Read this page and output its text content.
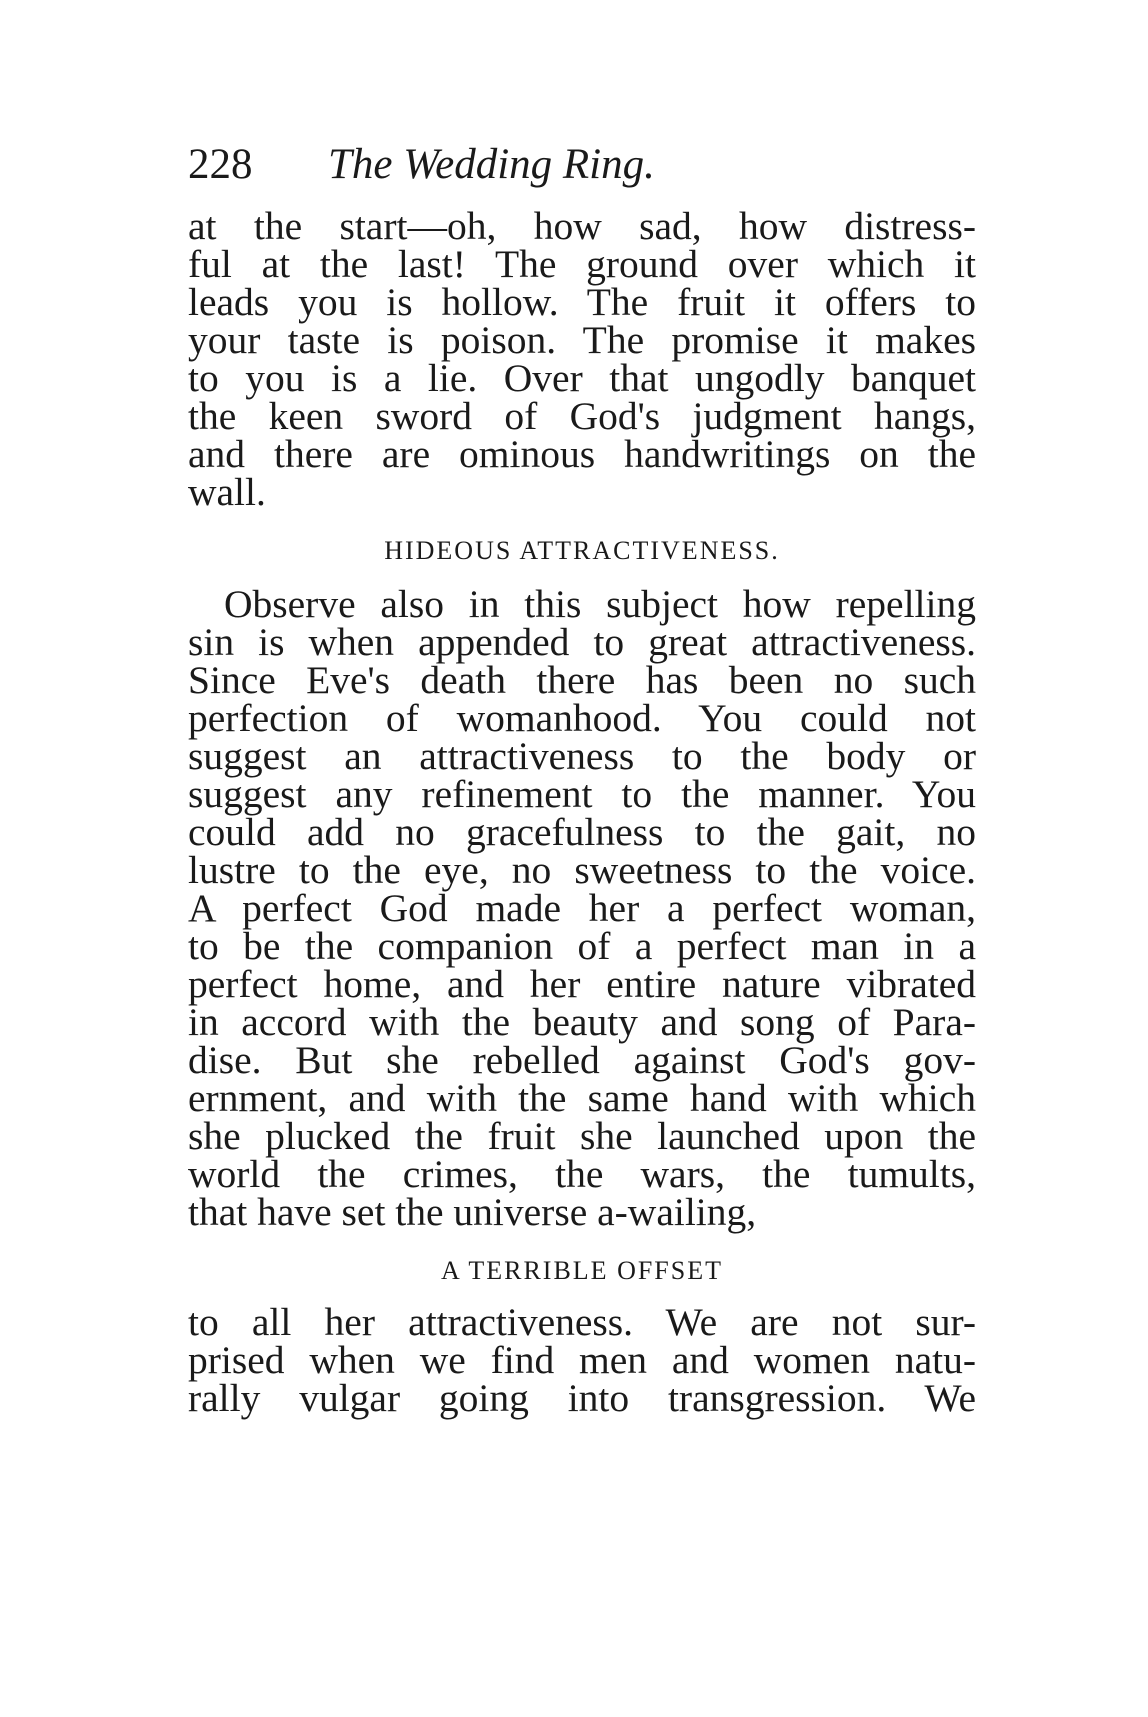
228 The Wedding Ring.
at the start—oh, how sad, how distress-
ful at the last! The ground over which it
leads you is hollow. The fruit it offers to
your taste is poison. The promise it makes
to you is a lie. Over that ungodly banquet
the keen sword of God's judgment hangs,
and there are ominous handwritings on the
wall.
HIDEOUS ATTRACTIVENESS.
Observe also in this subject how repelling
sin is when appended to great attractiveness.
Since Eve's death there has been no such
perfection of womanhood. You could not
suggest an attractiveness to the body or
suggest any refinement to the manner. You
could add no gracefulness to the gait, no
lustre to the eye, no sweetness to the voice.
A perfect God made her a perfect woman,
to be the companion of a perfect man in a
perfect home, and her entire nature vibrated
in accord with the beauty and song of Para-
dise. But she rebelled against God's gov-
ernment, and with the same hand with which
she plucked the fruit she launched upon the
world the crimes, the wars, the tumults,
that have set the universe a-wailing,
A TERRIBLE OFFSET
to all her attractiveness. We are not sur-
prised when we find men and women natu-
rally vulgar going into transgression. We
